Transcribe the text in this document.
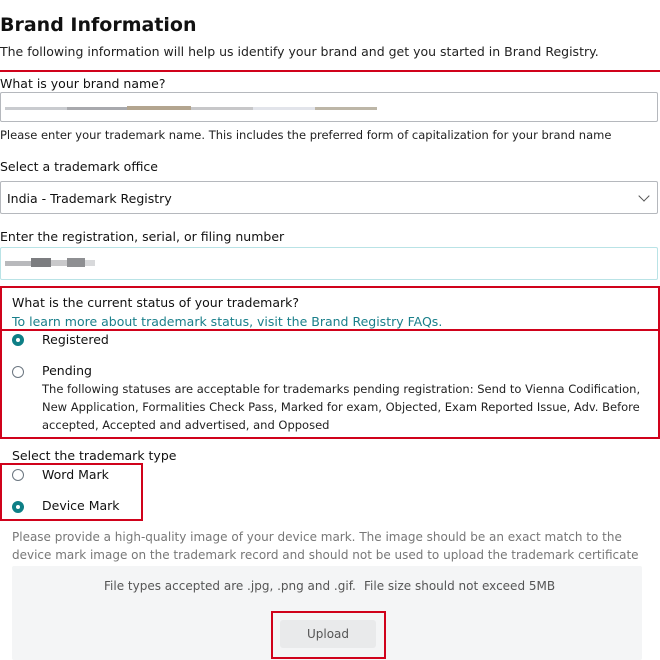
Brand Information
The following information will help us identify your brand and get you started in Brand Registry.
What is your brand name?
Please enter your trademark name. This includes the preferred form of capitalization for your brand name
Select a trademark office
India - Trademark Registry
Enter the registration, serial, or filing number
What is the current status of your trademark?
To learn more about trademark status, visit the Brand Registry FAQs.
Registered
Pending
The following statuses are acceptable for trademarks pending registration: Send to Vienna Codification, New Application, Formalities Check Pass, Marked for exam, Objected, Exam Reported Issue, Adv. Before accepted, Accepted and advertised, and Opposed
Select the trademark type
Word Mark
Device Mark
Please provide a high-quality image of your device mark. The image should be an exact match to the device mark image on the trademark record and should not be used to upload the trademark certificate
File types accepted are .jpg, .png and .gif. File size should not exceed 5MB
Upload
